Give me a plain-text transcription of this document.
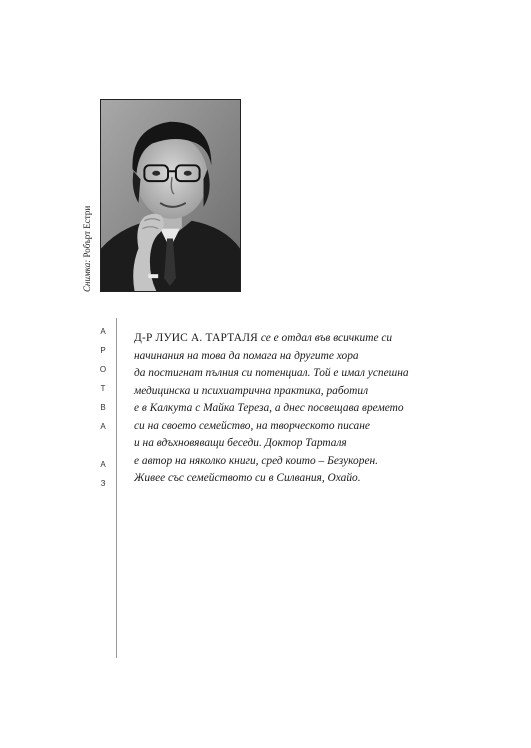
Снимка: Робърт Естри
А
Р
О
Т
В
А
А
З
Д-Р ЛУИС А. ТАРТАЛЯ се е отдал във всичките си
начинания на това да помага на другите хора
да постигнат пълния си потенциал. Той е имал успешна
медицинска и психиатрична практика, работил
е в Калкута с Майка Тереза, а днес посвещава времето
си на своето семейство, на творческото писане
и на вдъхновяващи беседи. Доктор Тарталя
е автор на няколко книги, сред които – Безукорен.
Живее със семейството си в Силвания, Охайо.
